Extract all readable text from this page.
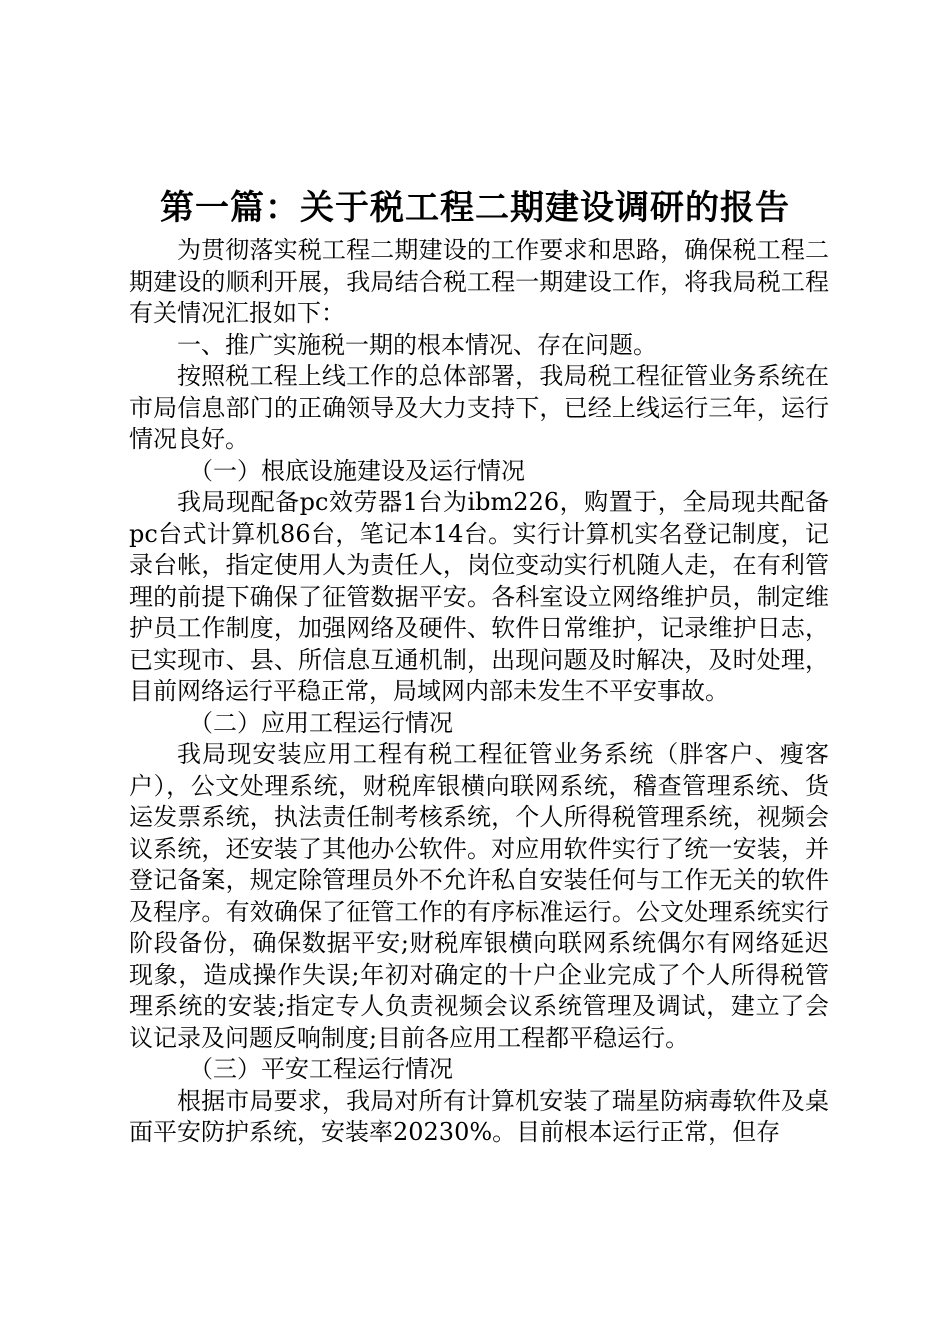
第一篇：关于税工程二期建设调研的报告

为贯彻落实税工程二期建设的工作要求和思路，确保税工程二期建设的顺利开展，我局结合税工程一期建设工作，将我局税工程有关情况汇报如下：

一、推广实施税一期的根本情况、存在问题。

按照税工程上线工作的总体部署，我局税工程征管业务系统在市局信息部门的正确领导及大力支持下，已经上线运行三年，运行情况良好。

（一）根底设施建设及运行情况

我局现配备pc效劳器1台为ibm226，购置于，全局现共配备pc台式计算机86台，笔记本14台。实行计算机实名登记制度，记录台帐，指定使用人为责任人，岗位变动实行机随人走，在有利管理的前提下确保了征管数据平安。各科室设立网络维护员，制定维护员工作制度，加强网络及硬件、软件日常维护，记录维护日志，已实现市、县、所信息互通机制，出现问题及时解决，及时处理，目前网络运行平稳正常，局域网内部未发生不平安事故。

（二）应用工程运行情况

我局现安装应用工程有税工程征管业务系统（胖客户、瘦客户），公文处理系统，财税库银横向联网系统，稽查管理系统、货运发票系统，执法责任制考核系统，个人所得税管理系统，视频会议系统，还安装了其他办公软件。对应用软件实行了统一安装，并登记备案，规定除管理员外不允许私自安装任何与工作无关的软件及程序。有效确保了征管工作的有序标准运行。公文处理系统实行阶段备份，确保数据平安;财税库银横向联网系统偶尔有网络延迟现象，造成操作失误;年初对确定的十户企业完成了个人所得税管理系统的安装;指定专人负责视频会议系统管理及调试，建立了会议记录及问题反响制度;目前各应用工程都平稳运行。

（三）平安工程运行情况

根据市局要求，我局对所有计算机安装了瑞星防病毒软件及桌面平安防护系统，安装率20230%。目前根本运行正常，但存
